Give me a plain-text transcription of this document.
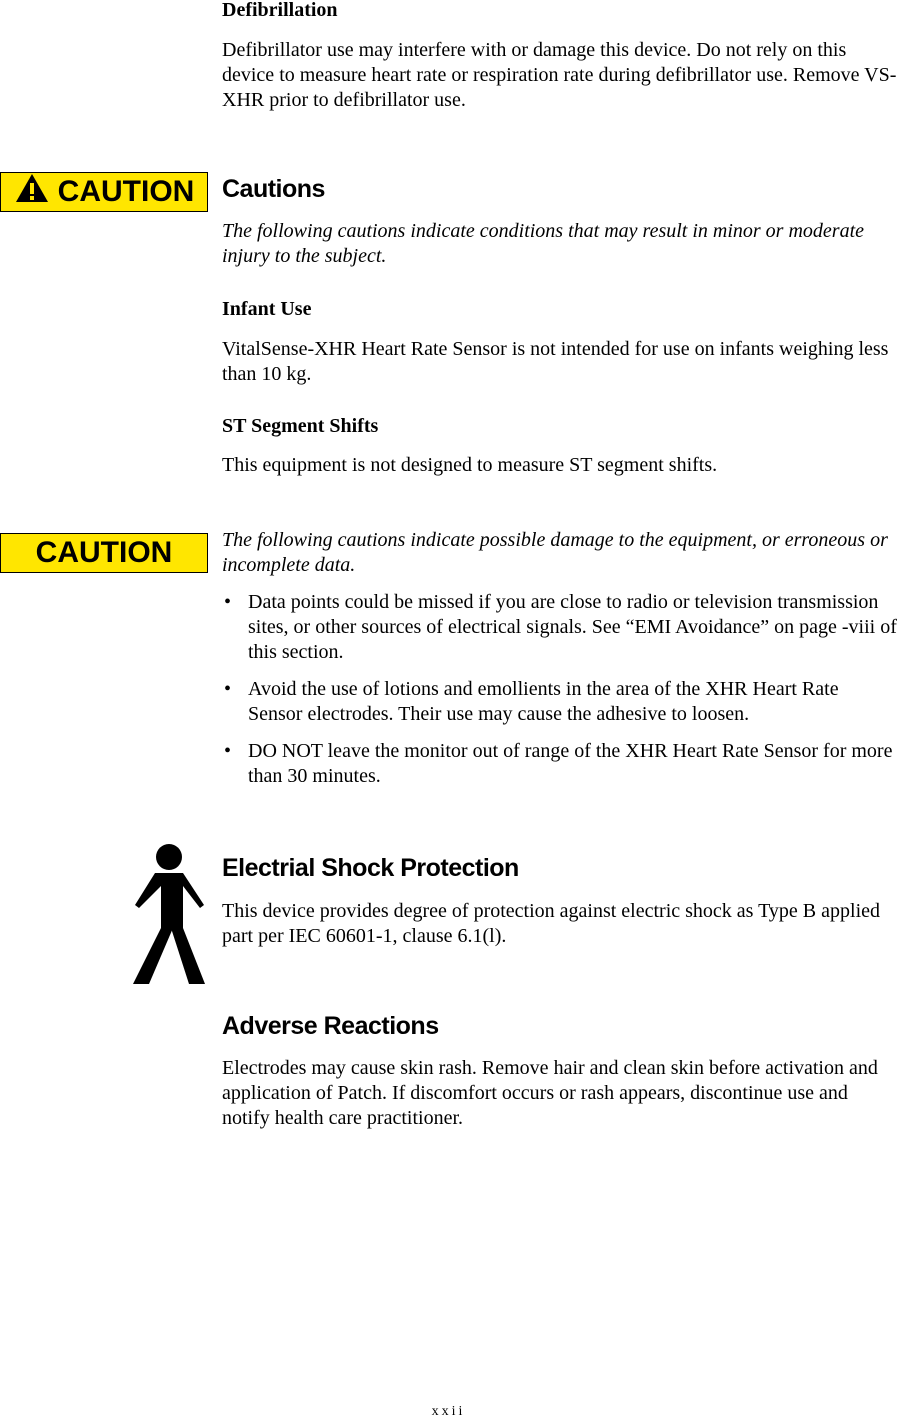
Defibrillation
Defibrillator use may interfere with or damage this device. Do not rely on this device to measure heart rate or respiration rate during defibrillator use. Remove VS-XHR prior to defibrillator use.
CAUTION Cautions
The following cautions indicate conditions that may result in minor or moderate injury to the subject.
Infant Use
VitalSense-XHR Heart Rate Sensor is not intended for use on infants weighing less than 10 kg.
ST Segment Shifts
This equipment is not designed to measure ST segment shifts.
CAUTION	The following cautions indicate possible damage to the equipment, or erroneous or incomplete data.
• Data points could be missed if you are close to radio or television transmission sites, or other sources of electrical signals. See “EMI Avoidance” on page -viii of this section.
• Avoid the use of lotions and emollients in the area of the XHR Heart Rate Sensor electrodes. Their use may cause the adhesive to loosen.
• DO NOT leave the monitor out of range of the XHR Heart Rate Sensor for more than 30 minutes.
Electrial Shock Protection
This device provides degree of protection against electric shock as Type B applied part per IEC 60601-1, clause 6.1(l).
Adverse Reactions
Electrodes may cause skin rash. Remove hair and clean skin before activation and application of Patch. If discomfort occurs or rash appears, discontinue use and notify health care practitioner.
xxii
